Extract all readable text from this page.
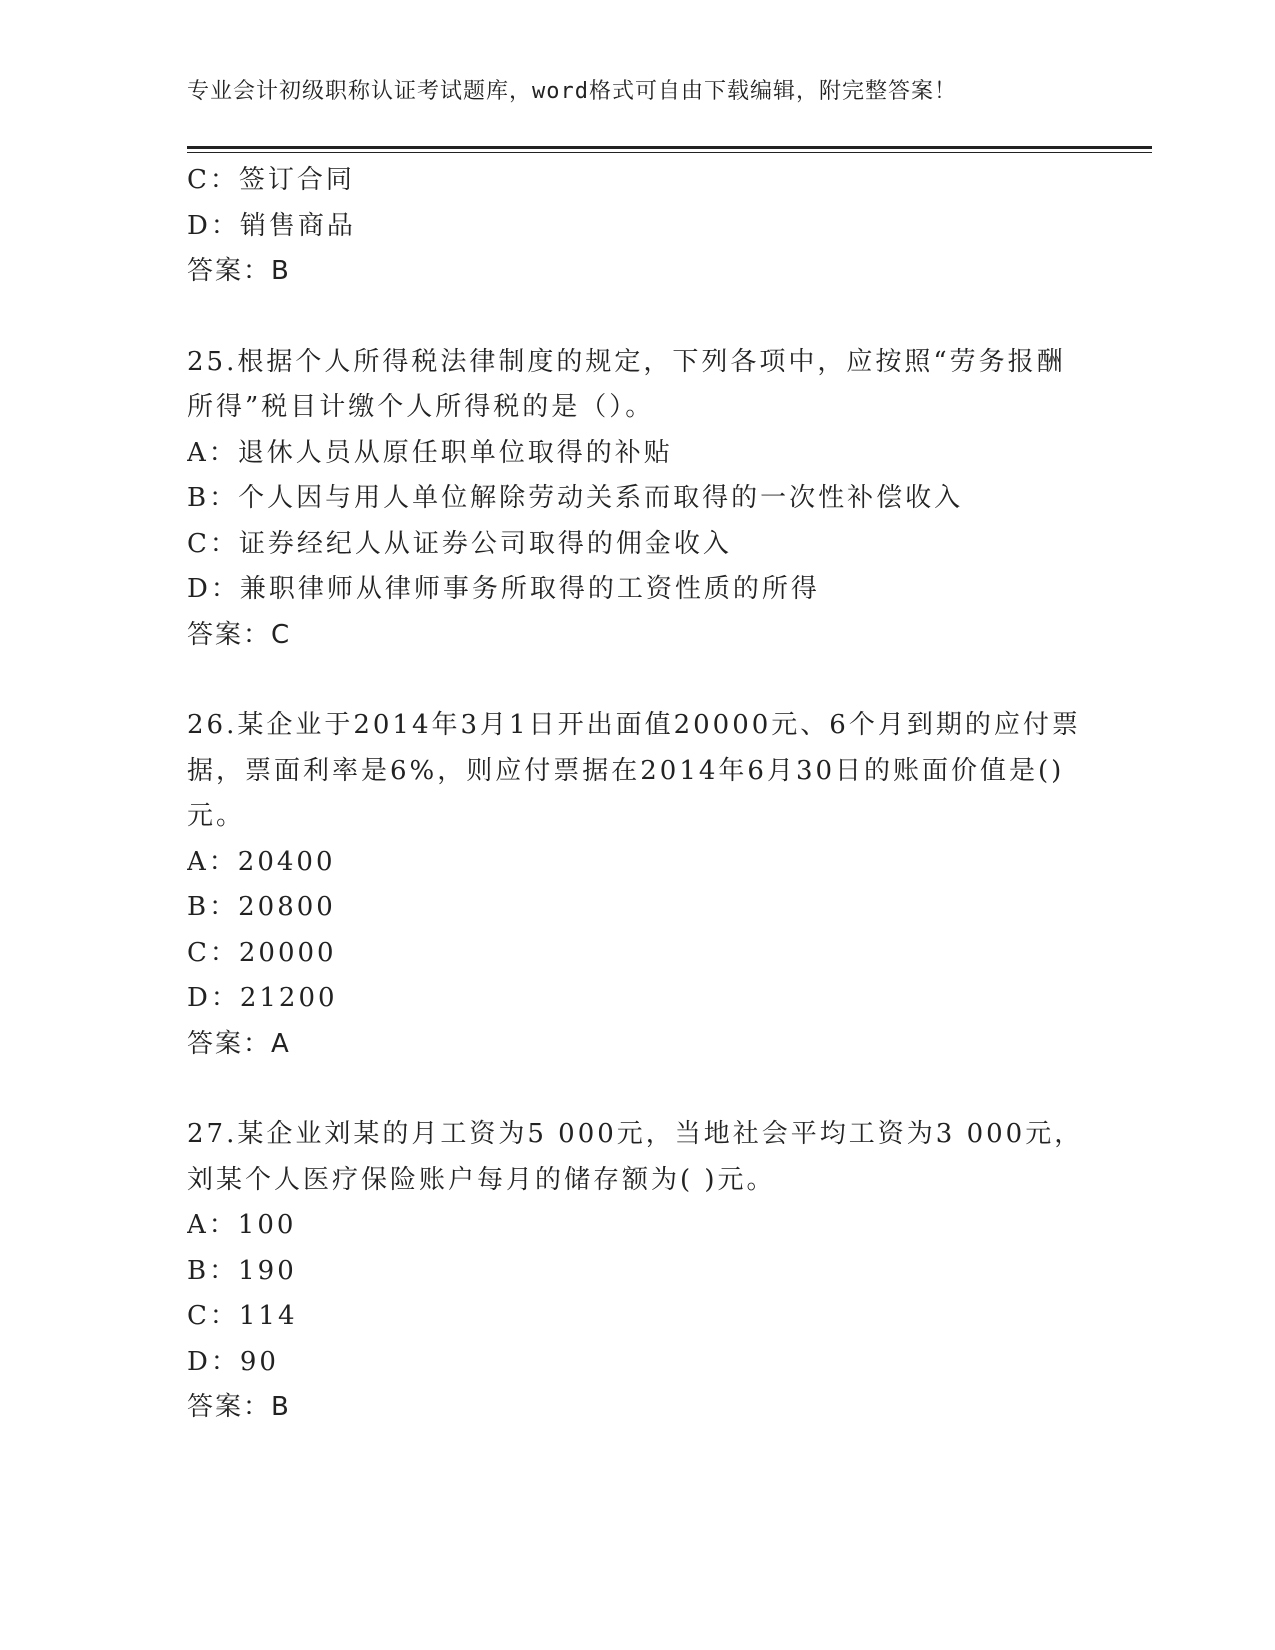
专业会计初级职称认证考试题库，word格式可自由下载编辑，附完整答案！
C：签订合同
D：销售商品
答案：B
25.根据个人所得税法律制度的规定，下列各项中，应按照“劳务报酬
所得”税目计缴个人所得税的是（）。
A：退休人员从原任职单位取得的补贴
B：个人因与用人单位解除劳动关系而取得的一次性补偿收入
C：证券经纪人从证券公司取得的佣金收入
D：兼职律师从律师事务所取得的工资性质的所得
答案：C
26.某企业于2014年3月1日开出面值20000元、6个月到期的应付票
据，票面利率是6%，则应付票据在2014年6月30日的账面价值是()
元。
A：20400
B：20800
C：20000
D：21200
答案：A
27.某企业刘某的月工资为5 000元，当地社会平均工资为3 000元，
刘某个人医疗保险账户每月的储存额为( )元。
A：100
B：190
C：114
D：90
答案：B
